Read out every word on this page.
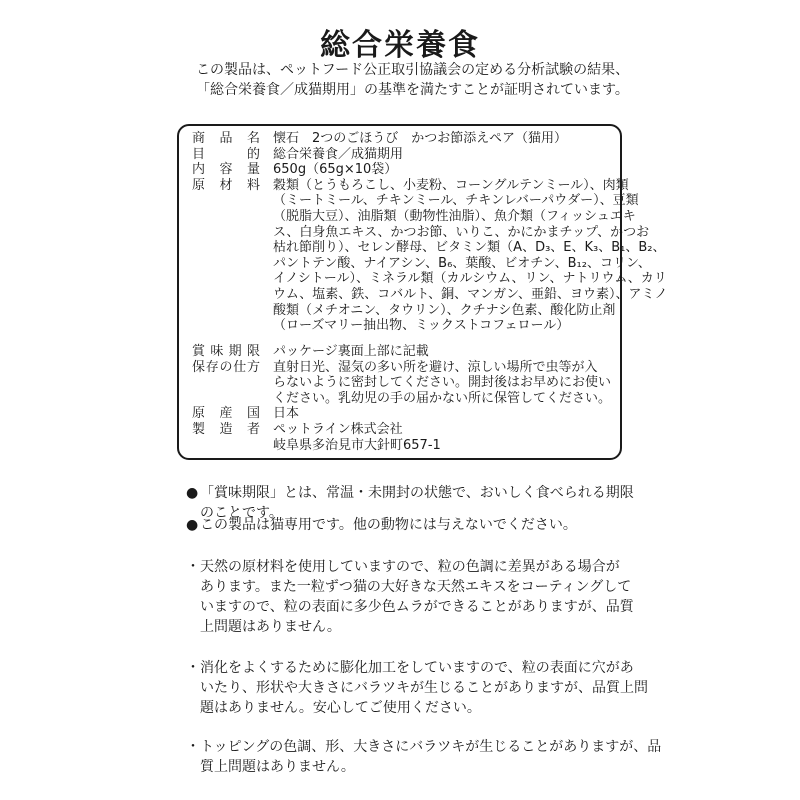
総合栄養食
この製品は、ペットフード公正取引協議会の定める分析試験の結果、
「総合栄養食／成猫期用」の基準を満たすことが証明されています。
商品名 懐石　2つのごほうび　かつお節添えペア（猫用）
目的 総合栄養食／成猫期用
内容量 650g（65g×10袋）
原材料 穀類（とうもろこし、小麦粉、コーングルテンミール）、肉類
（ミートミール、チキンミール、チキンレバーパウダー）、豆類
（脱脂大豆）、油脂類（動物性油脂）、魚介類（フィッシュエキ
ス、白身魚エキス、かつお節、いりこ、かにかまチップ、かつお
枯れ節削り）、セレン酵母、ビタミン類（A、D₃、E、K₃、B₁、B₂、
パントテン酸、ナイアシン、B₆、葉酸、ビオチン、B₁₂、コリン、
イノシトール）、ミネラル類（カルシウム、リン、ナトリウム、カリ
ウム、塩素、鉄、コバルト、銅、マンガン、亜鉛、ヨウ素）、アミノ
酸類（メチオニン、タウリン）、クチナシ色素、酸化防止剤
（ローズマリー抽出物、ミックストコフェロール）
賞味期限 パッケージ裏面上部に記載
保存の仕方 直射日光、湿気の多い所を避け、涼しい場所で虫等が入
らないように密封してください。開封後はお早めにお使い
ください。乳幼児の手の届かない所に保管してください。
原産国 日本
製造者 ペットライン株式会社
岐阜県多治見市大針町657-1
● 「賞味期限」とは、常温・未開封の状態で、おいしく食べられる期限
のことです。
● この製品は猫専用です。他の動物には与えないでください。
・天然の原材料を使用していますので、粒の色調に差異がある場合が
あります。また一粒ずつ猫の大好きな天然エキスをコーティングして
いますので、粒の表面に多少色ムラができることがありますが、品質
上問題はありません。
・消化をよくするために膨化加工をしていますので、粒の表面に穴があ
いたり、形状や大きさにバラツキが生じることがありますが、品質上問
題はありません。安心してご使用ください。
・トッピングの色調、形、大きさにバラツキが生じることがありますが、品
質上問題はありません。
